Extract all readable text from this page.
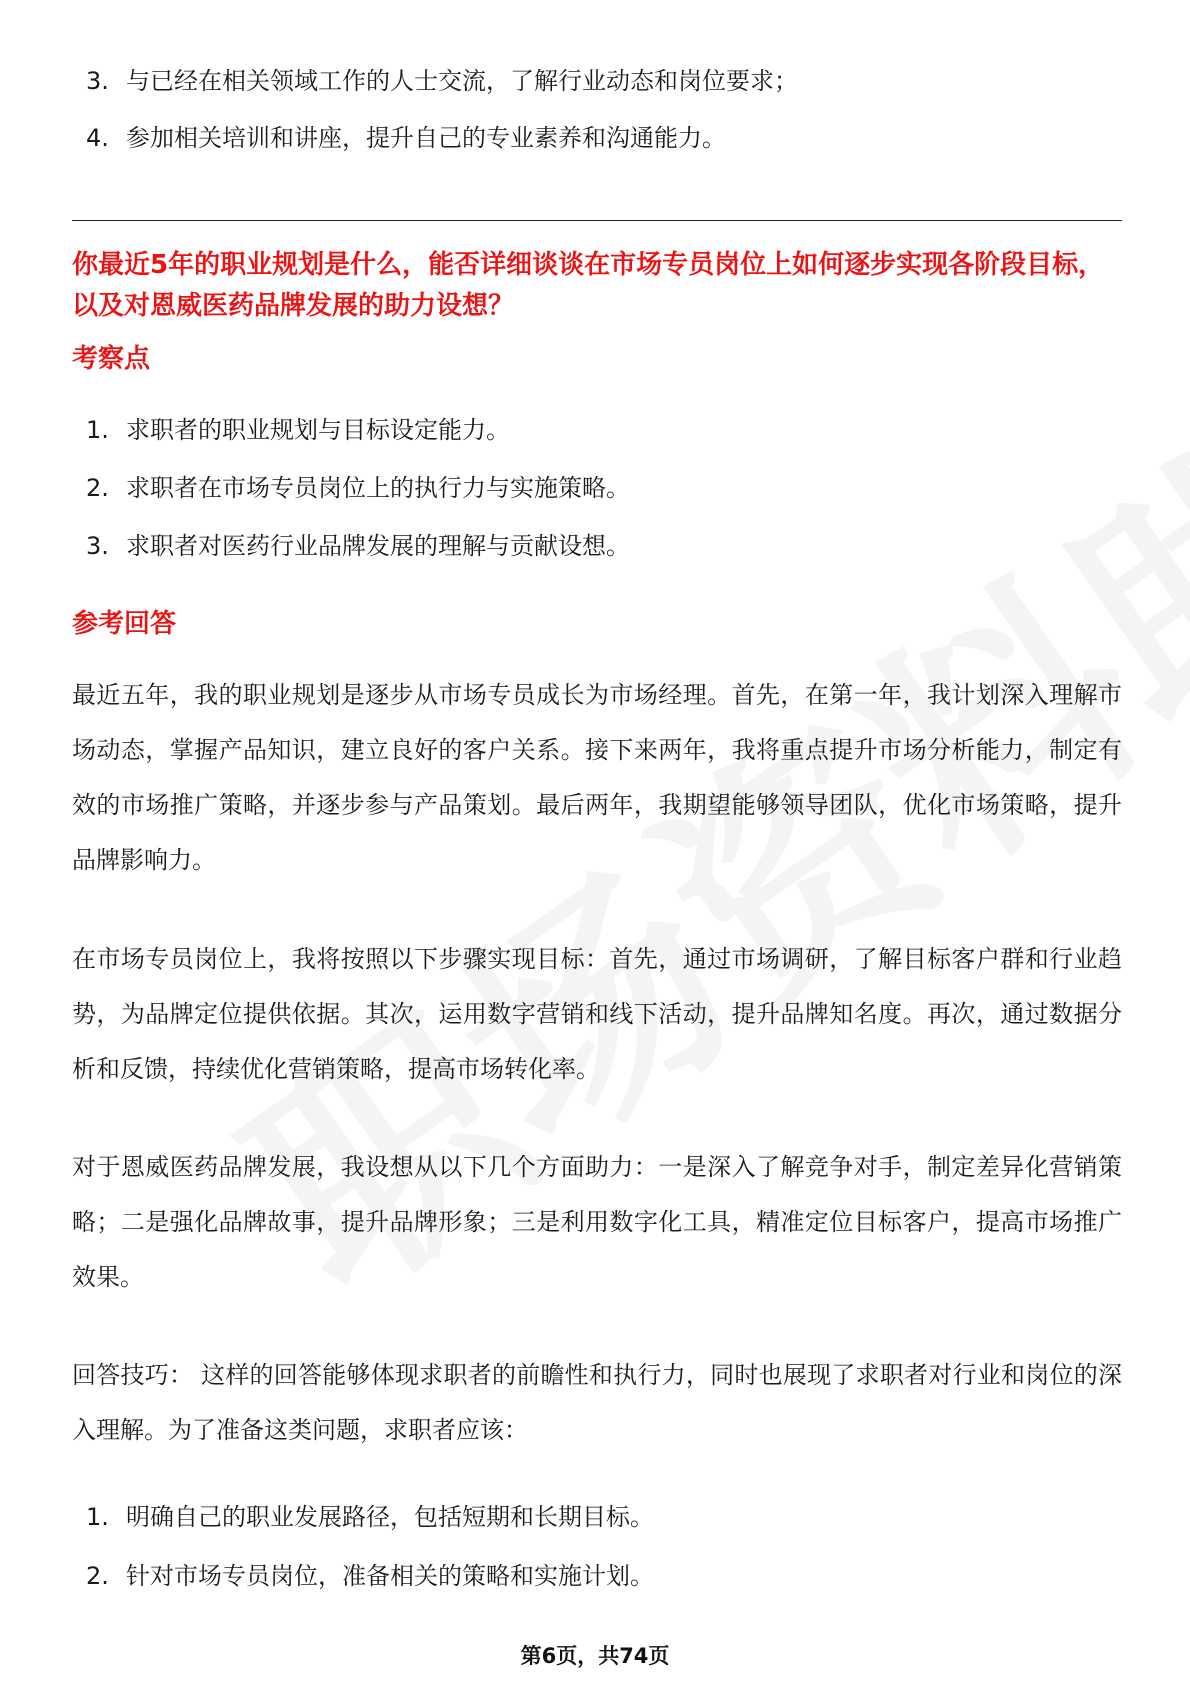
3. 与已经在相关领域工作的人士交流，了解行业动态和岗位要求；
4. 参加相关培训和讲座，提升自己的专业素养和沟通能力。
你最近5年的职业规划是什么，能否详细谈谈在市场专员岗位上如何逐步实现各阶段目标，以及对恩威医药品牌发展的助力设想？
考察点
1. 求职者的职业规划与目标设定能力。
2. 求职者在市场专员岗位上的执行力与实施策略。
3. 求职者对医药行业品牌发展的理解与贡献设想。
参考回答

最近五年，我的职业规划是逐步从市场专员成长为市场经理。首先，在第一年，我计划深入理解市场动态，掌握产品知识，建立良好的客户关系。接下来两年，我将重点提升市场分析能力，制定有效的市场推广策略，并逐步参与产品策划。最后两年，我期望能够领导团队，优化市场策略，提升品牌影响力。

在市场专员岗位上，我将按照以下步骤实现目标：首先，通过市场调研，了解目标客户群和行业趋势，为品牌定位提供依据。其次，运用数字营销和线下活动，提升品牌知名度。再次，通过数据分析和反馈，持续优化营销策略，提高市场转化率。

对于恩威医药品牌发展，我设想从以下几个方面助力：一是深入了解竞争对手，制定差异化营销策略；二是强化品牌故事，提升品牌形象；三是利用数字化工具，精准定位目标客户，提高市场推广效果。

回答技巧： 这样的回答能够体现求职者的前瞻性和执行力，同时也展现了求职者对行业和岗位的深入理解。为了准备这类问题，求职者应该：

1. 明确自己的职业发展路径，包括短期和长期目标。
2. 针对市场专员岗位，准备相关的策略和实施计划。
第6页，共74页
